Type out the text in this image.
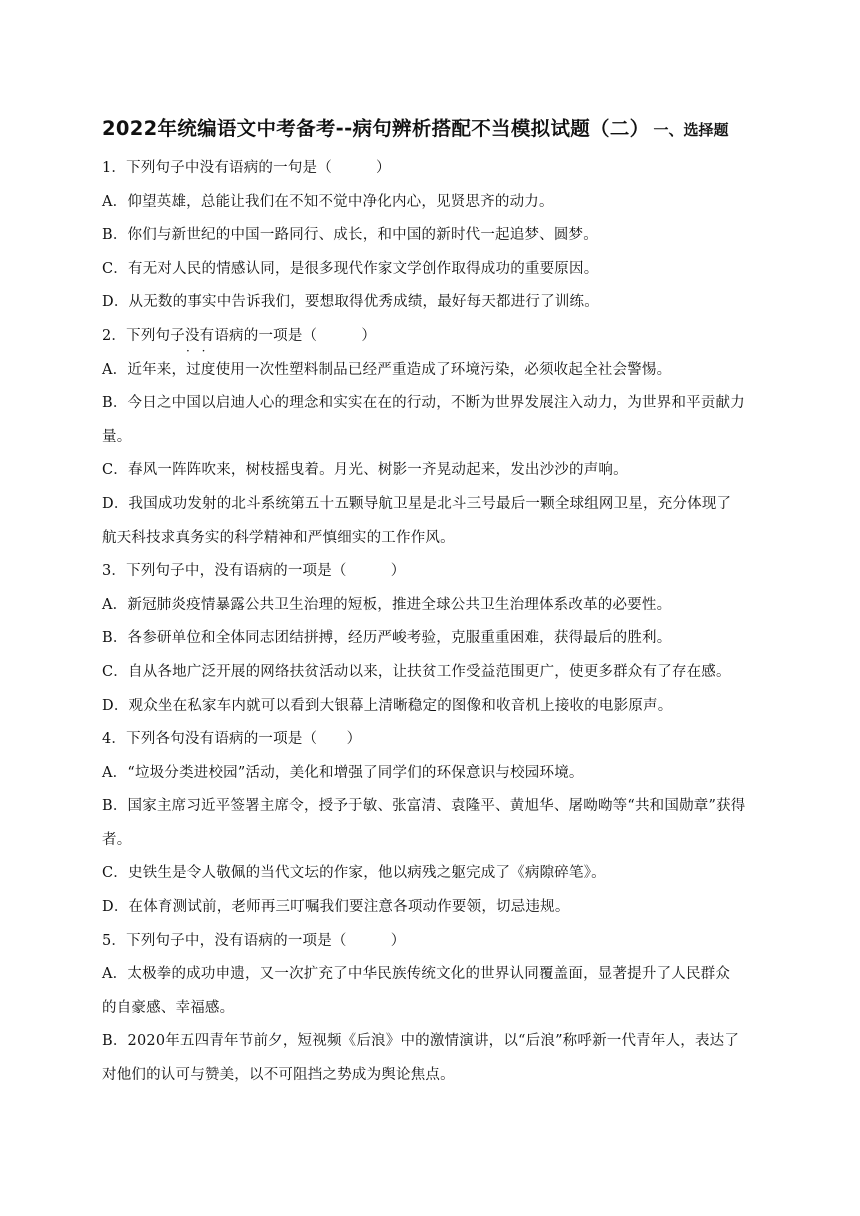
2022年统编语文中考备考--病句辨析搭配不当模拟试题（二） 一、选择题
1．下列句子中没有语病的一句是（　　　）
A．仰望英雄，总能让我们在不知不觉中净化内心，见贤思齐的动力。
B．你们与新世纪的中国一路同行、成长，和中国的新时代一起追梦、圆梦。
C．有无对人民的情感认同，是很多现代作家文学创作取得成功的重要原因。
D．从无数的事实中告诉我们，要想取得优秀成绩，最好每天都进行了训练。
2．下列句子没有 · ·语病的一项是（　　　）
A．近年来，过度使用一次性塑料制品已经严重造成了环境污染，必须收起全社会警惕。
B．今日之中国以启迪人心的理念和实实在在的行动，不断为世界发展注入动力，为世界和平贡献力
量。
C．春风一阵阵吹来，树枝摇曳着。月光、树影一齐晃动起来，发出沙沙的声响。
D．我国成功发射的北斗系统第五十五颗导航卫星是北斗三号最后一颗全球组网卫星，充分体现了
航天科技求真务实的科学精神和严慎细实的工作作风。
3．下列句子中，没有语病的一项是（　　　）
A．新冠肺炎疫情暴露公共卫生治理的短板，推进全球公共卫生治理体系改革的必要性。
B．各参研单位和全体同志团结拼搏，经历严峻考验，克服重重困难，获得最后的胜利。
C．自从各地广泛开展的网络扶贫活动以来，让扶贫工作受益范围更广，使更多群众有了存在感。
D．观众坐在私家车内就可以看到大银幕上清晰稳定的图像和收音机上接收的电影原声。
4．下列各句没有语病的一项是（　　）
A．“垃圾分类进校园”活动，美化和增强了同学们的环保意识与校园环境。
B．国家主席习近平签署主席令，授予于敏、张富清、袁隆平、黄旭华、屠呦呦等“共和国勋章”获得
者。
C．史铁生是令人敬佩的当代文坛的作家，他以病残之躯完成了《病隙碎笔》。
D．在体育测试前，老师再三叮嘱我们要注意各项动作要领，切忌违规。
5．下列句子中，没有语病的一项是（　　　）
A．太极拳的成功申遗，又一次扩充了中华民族传统文化的世界认同覆盖面，显著提升了人民群众
的自豪感、幸福感。
B．2020年五四青年节前夕，短视频《后浪》中的激情演讲，以“后浪”称呼新一代青年人，表达了
对他们的认可与赞美，以不可阻挡之势成为舆论焦点。
